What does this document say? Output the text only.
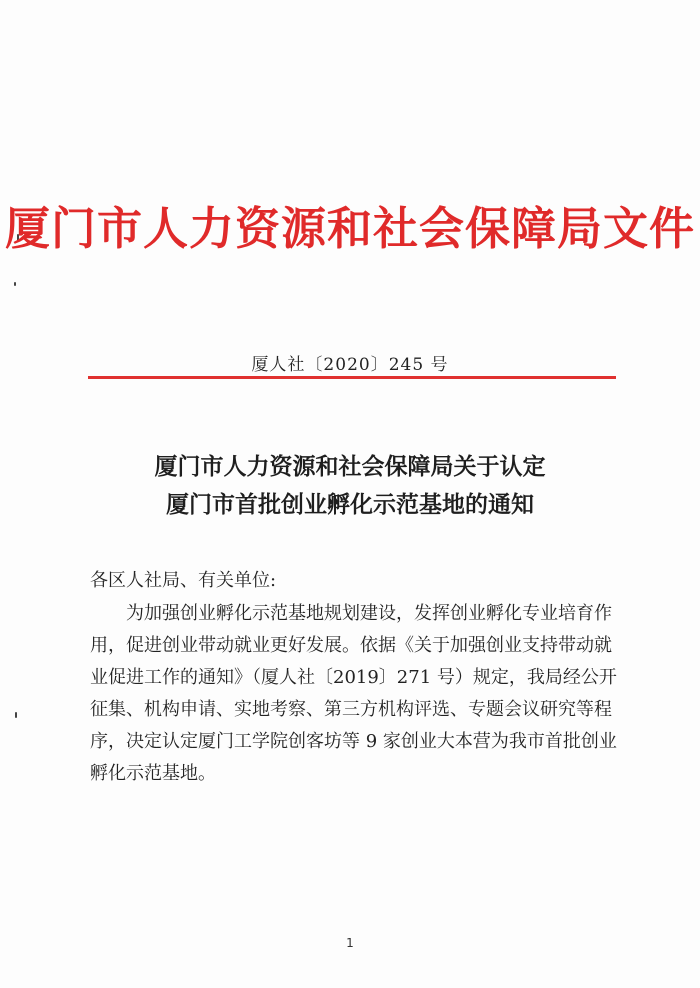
厦门市人力资源和社会保障局文件
厦人社〔2020〕245 号
厦门市人力资源和社会保障局关于认定
厦门市首批创业孵化示范基地的通知
各区人社局、有关单位:
为加强创业孵化示范基地规划建设，发挥创业孵化专业培育作
用，促进创业带动就业更好发展。依据《关于加强创业支持带动就
业促进工作的通知》（厦人社〔2019〕271 号）规定，我局经公开
征集、机构申请、实地考察、第三方机构评选、专题会议研究等程
序，决定认定厦门工学院创客坊等 9 家创业大本营为我市首批创业
孵化示范基地。
1
